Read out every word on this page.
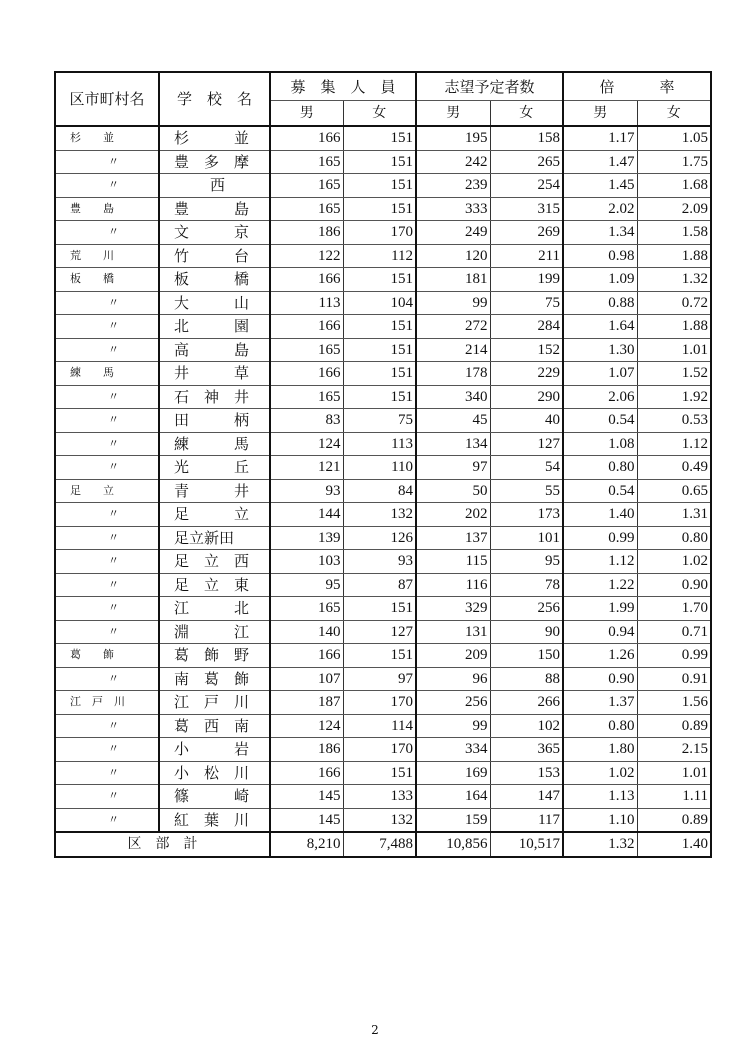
区市町村名	学　校　名	募　集　人　員		志望予定者数		倍　　　率	
		男	女	男	女	男	女
杉　　並	杉　　　並	166	151	195	158	1.17	1.05
〃	豊　多　摩	165	151	242	265	1.47	1.75
〃	西	165	151	239	254	1.45	1.68
豊　　島	豊　　　島	165	151	333	315	2.02	2.09
〃	文　　　京	186	170	249	269	1.34	1.58
荒　　川	竹　　　台	122	112	120	211	0.98	1.88
板　　橋	板　　　橋	166	151	181	199	1.09	1.32
〃	大　　　山	113	104	99	75	0.88	0.72
〃	北　　　園	166	151	272	284	1.64	1.88
〃	高　　　島	165	151	214	152	1.30	1.01
練　　馬	井　　　草	166	151	178	229	1.07	1.52
〃	石　神　井	165	151	340	290	2.06	1.92
〃	田　　　柄	83	75	45	40	0.54	0.53
〃	練　　　馬	124	113	134	127	1.08	1.12
〃	光　　　丘	121	110	97	54	0.80	0.49
足　　立	青　　　井	93	84	50	55	0.54	0.65
〃	足　　　立	144	132	202	173	1.40	1.31
〃	足立新田	139	126	137	101	0.99	0.80
〃	足　立　西	103	93	115	95	1.12	1.02
〃	足　立　東	95	87	116	78	1.22	0.90
〃	江　　　北	165	151	329	256	1.99	1.70
〃	淵　　　江	140	127	131	90	0.94	0.71
葛　　飾	葛　飾　野	166	151	209	150	1.26	0.99
〃	南　葛　飾	107	97	96	88	0.90	0.91
江　戸　川	江　戸　川	187	170	256	266	1.37	1.56
〃	葛　西　南	124	114	99	102	0.80	0.89
〃	小　　　岩	186	170	334	365	1.80	2.15
〃	小　松　川	166	151	169	153	1.02	1.01
〃	篠　　　崎	145	133	164	147	1.13	1.11
〃	紅　葉　川	145	132	159	117	1.10	0.89
区　部　計		8,210	7,488	10,856	10,517	1.32	1.40
2
